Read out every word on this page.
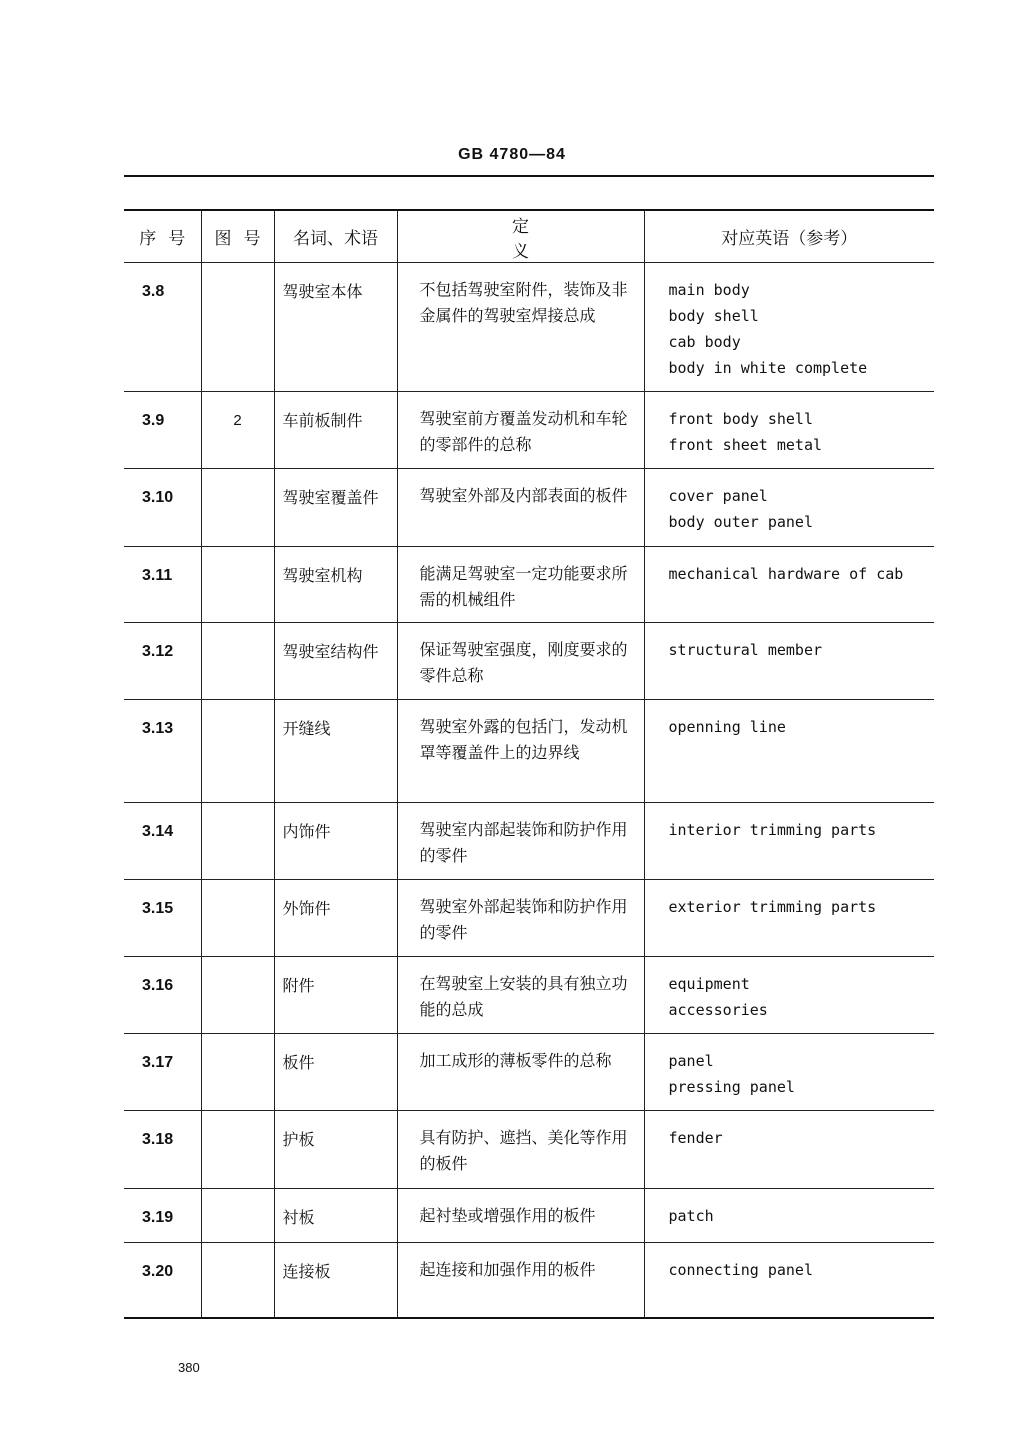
GB 4780—84
序号	图号	名词、术语	定义	对应英语（参考）
3.8		驾驶室本体	不包括驾驶室附件，装饰及非金属件的驾驶室焊接总成	main body
body shell
cab body
body in white complete

3.9	2	车前板制件	驾驶室前方覆盖发动机和车轮的零部件的总称	front body shell
front sheet metal

3.10		驾驶室覆盖件	驾驶室外部及内部表面的板件	cover panel
body outer panel

3.11		驾驶室机构	能满足驾驶室一定功能要求所需的机械组件	mechanical hardware of cab

3.12		驾驶室结构件	保证驾驶室强度，刚度要求的零件总称	structural member

3.13		开缝线	驾驶室外露的包括门，发动机罩等覆盖件上的边界线	openning line

3.14		内饰件	驾驶室内部起装饰和防护作用的零件	interior trimming parts

3.15		外饰件	驾驶室外部起装饰和防护作用的零件	exterior trimming parts

3.16		附件	在驾驶室上安装的具有独立功能的总成	equipment
accessories

3.17		板件	加工成形的薄板零件的总称	panel
pressing panel

3.18		护板	具有防护、遮挡、美化等作用的板件	fender

3.19		衬板	起衬垫或增强作用的板件	patch

3.20		连接板	起连接和加强作用的板件	connecting panel
380
